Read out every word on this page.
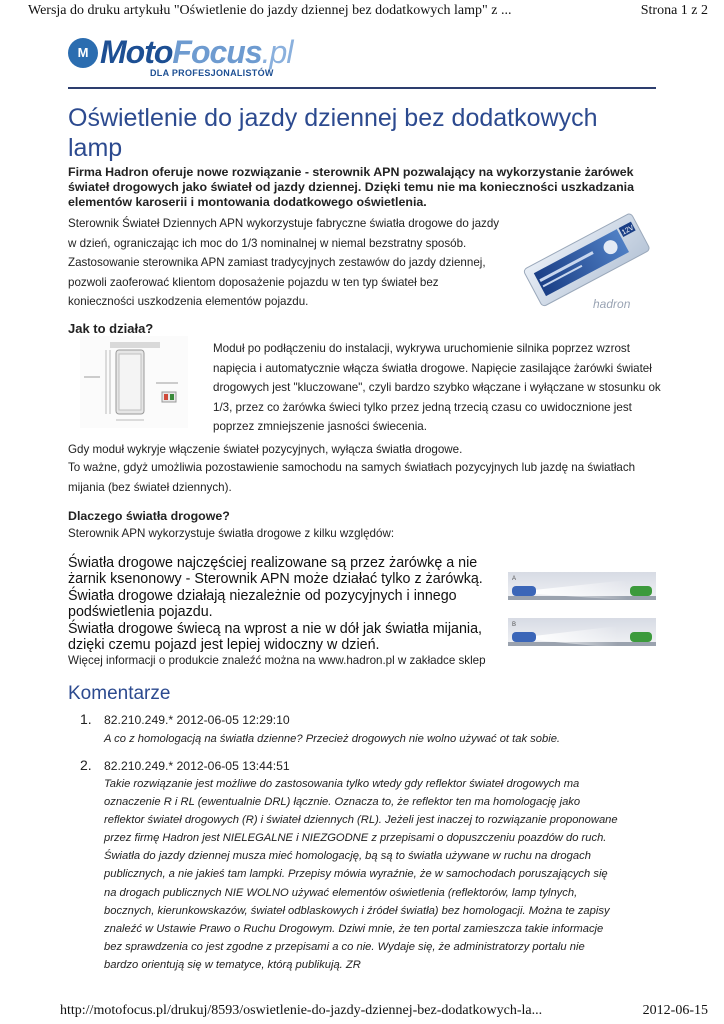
Wersja do druku artykułu "Oświetlenie do jazdy dziennej bez dodatkowych lamp" z ...	Strona 1 z 2
M MotoFocus.pl
DLA PROFESJONALISTÓW
Oświetlenie do jazdy dziennej bez dodatkowych lamp

Firma Hadron oferuje nowe rozwiązanie - sterownik APN pozwalający na wykorzystanie żarówek świateł drogowych jako świateł od jazdy dziennej. Dzięki temu nie ma konieczności uszkadzania elementów karoserii i montowania dodatkowego oświetlenia.

Sterownik Świateł Dziennych APN wykorzystuje fabryczne światła drogowe do jazdy w dzień, ograniczając ich moc do 1/3 nominalnej w niemal bezstratny sposób. Zastosowanie sterownika APN zamiast tradycyjnych zestawów do jazdy dziennej, pozwoli zaoferować klientom doposażenie pojazdu w ten typ świateł bez konieczności uszkodzenia elementów pojazdu.

12V
hadron
Jak to działa?

Moduł po podłączeniu do instalacji, wykrywa uruchomienie silnika poprzez wzrost napięcia i automatycznie włącza światła drogowe. Napięcie zasilające żarówki świateł drogowych jest "kluczowane", czyli bardzo szybko włączane i wyłączane w stosunku ok 1/3, przez co żarówka świeci tylko przez jedną trzecią czasu co uwidocznione jest poprzez zmniejszenie jasności świecenia.

Gdy moduł wykryje włączenie świateł pozycyjnych, wyłącza światła drogowe.

To ważne, gdyż umożliwia pozostawienie samochodu na samych światłach pozycyjnych lub jazdę na światłach mijania (bez świateł dziennych).

Dlaczego światła drogowe?

Sterownik APN wykorzystuje światła drogowe z kilku względów:

Światła drogowe najczęściej realizowane są przez żarówkę a nie żarnik ksenonowy - Sterownik APN może działać tylko z żarówką.
Światła drogowe działają niezależnie od pozycyjnych i innego podświetlenia pojazdu.
Światła drogowe świecą na wprost a nie w dół jak światła mijania, dzięki czemu pojazd jest lepiej widoczny w dzień.
A
B
Więcej informacji o produkcie znaleźć można na www.hadron.pl w zakładce sklep
Komentarze
1. 82.210.249.* 2012-06-05 12:29:10

A co z homologacją na światła dzienne? Przecież drogowych nie wolno używać ot tak sobie.

2. 82.210.249.* 2012-06-05 13:44:51

Takie rozwiązanie jest możliwe do zastosowania tylko wtedy gdy reflektor świateł drogowych ma oznaczenie R i RL (ewentualnie DRL) łącznie. Oznacza to, że reflektor ten ma homologację jako reflektor świateł drogowych (R) i świateł dziennych (RL). Jeżeli jest inaczej to rozwiązanie proponowane przez firmę Hadron jest NIELEGALNE i NIEZGODNE z przepisami o dopuszczeniu poazdów do ruch. Światła do jazdy dziennej musza mieć homologację, bą są to światła używane w ruchu na drogach publicznych, a nie jakieś tam lampki. Przepisy mówia wyraźnie, że w samochodach poruszających się na drogach publicznych NIE WOLNO używać elementów oświetlenia (reflektorów, lamp tylnych, bocznych, kierunkowskazów, świateł odblaskowych i źródeł światła) bez homologacji. Można te zapisy znaleźć w Ustawie Prawo o Ruchu Drogowym. Dziwi mnie, że ten portal zamieszcza takie informacje bez sprawdzenia co jest zgodne z przepisami a co nie. Wydaje się, że administratorzy portalu nie bardzo orientują się w tematyce, którą publikują. ZR

http://motofocus.pl/drukuj/8593/oswietlenie-do-jazdy-dziennej-bez-dodatkowych-la...	2012-06-15
